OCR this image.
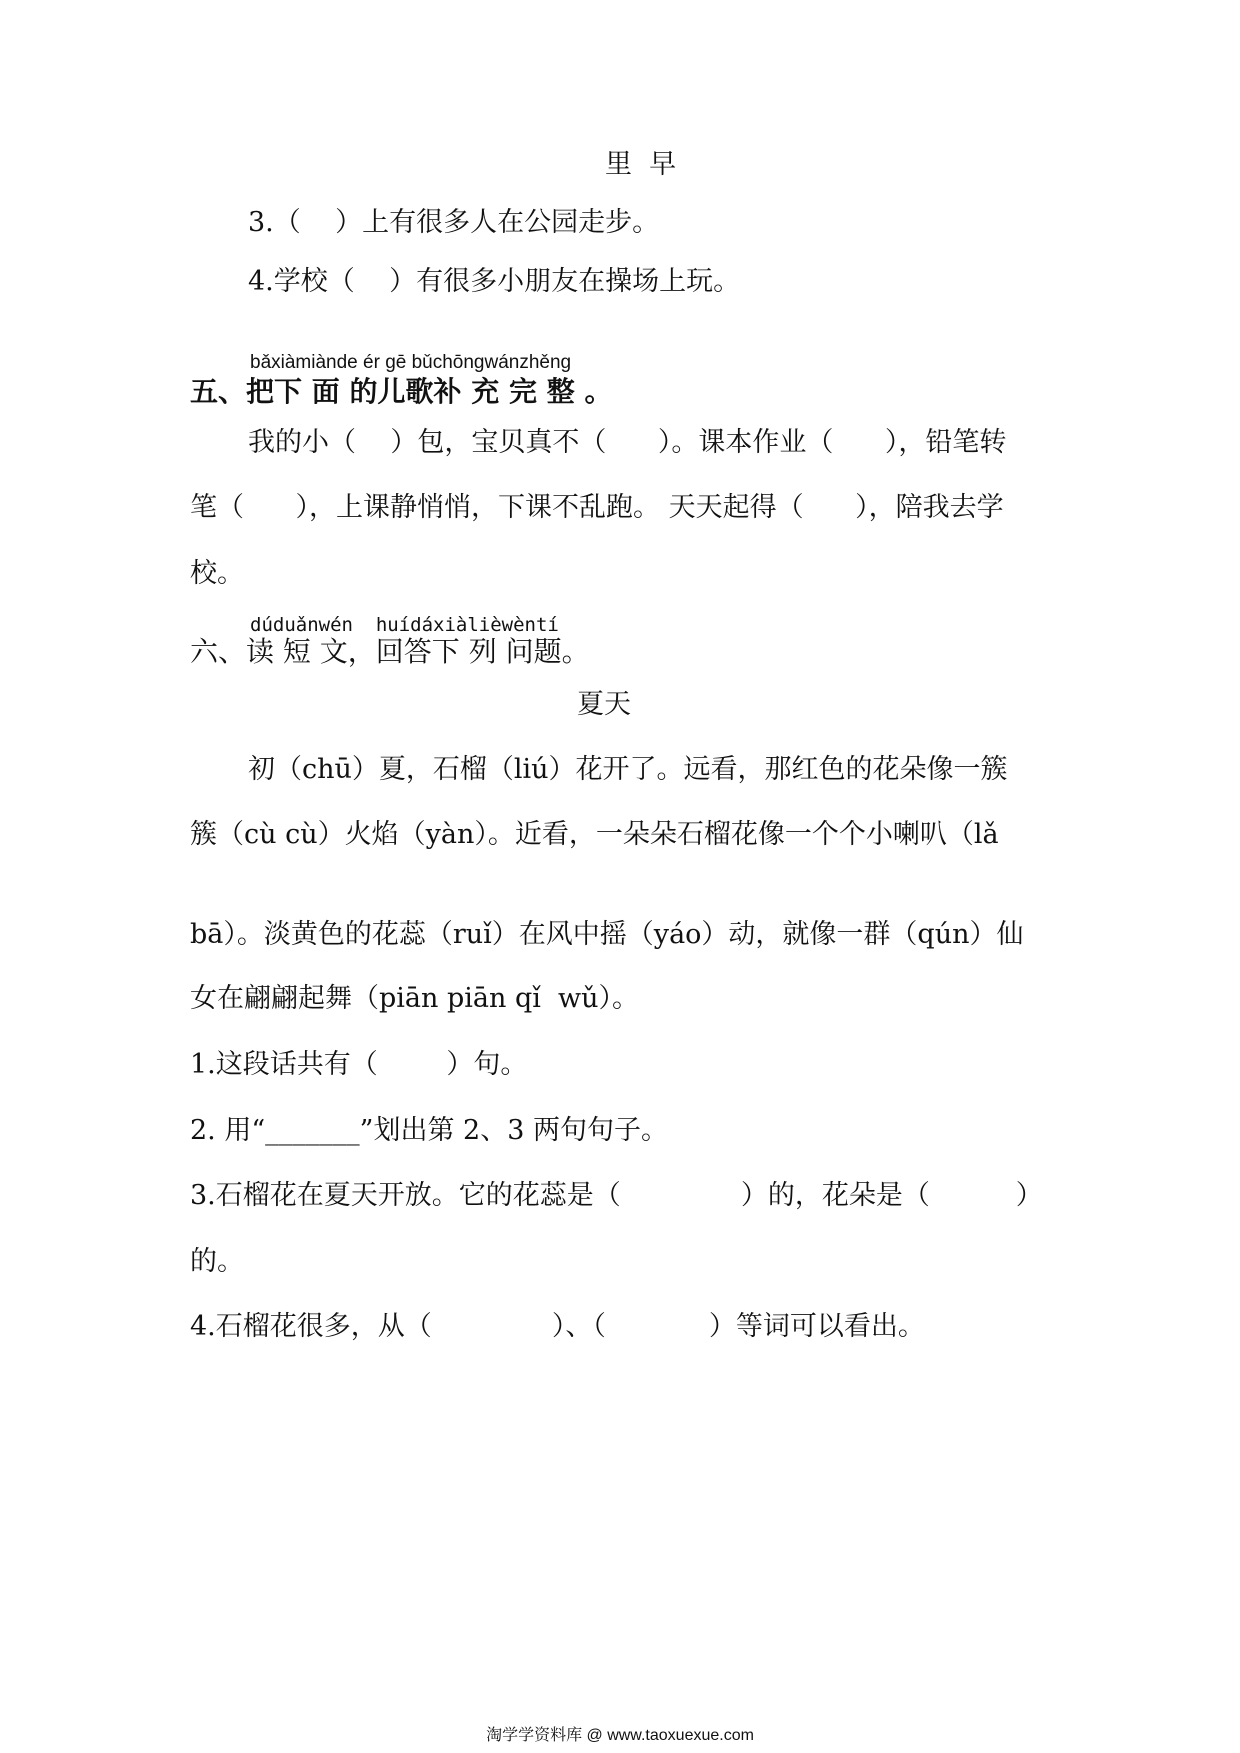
里  早
3.（    ）上有很多人在公园走步。
4.学校（    ）有很多小朋友在操场上玩。
bǎxiàmiànde ér gē bǔchōngwánzhěng
五、把下 面 的儿歌补 充 完 整 。
我的小（    ）包，宝贝真不（      ）。课本作业（      ），铅笔转
笔（      ），上课静悄悄，下课不乱跑。 天天起得（      ），陪我去学
校。
dúduǎnwén  huídáxiàlièwèntí
六、读 短 文，回答下 列 问题。
夏天
初（chū）夏，石榴（liú）花开了。远看，那红色的花朵像一簇
簇（cù cù）火焰（yàn）。近看，一朵朵石榴花像一个个小喇叭（lǎ
bā）。淡黄色的花蕊（ruǐ）在风中摇（yáo）动，就像一群（qún）仙
女在翩翩起舞（piān piān qǐ  wǔ）。
1.这段话共有（        ）句。
2. 用“_______”划出第 2、3 两句句子。
3.石榴花在夏天开放。它的花蕊是（              ）的，花朵是（          ）
的。
4.石榴花很多，从（              ）、（            ）等词可以看出。
淘学学资料库 @ www.taoxuexue.com
